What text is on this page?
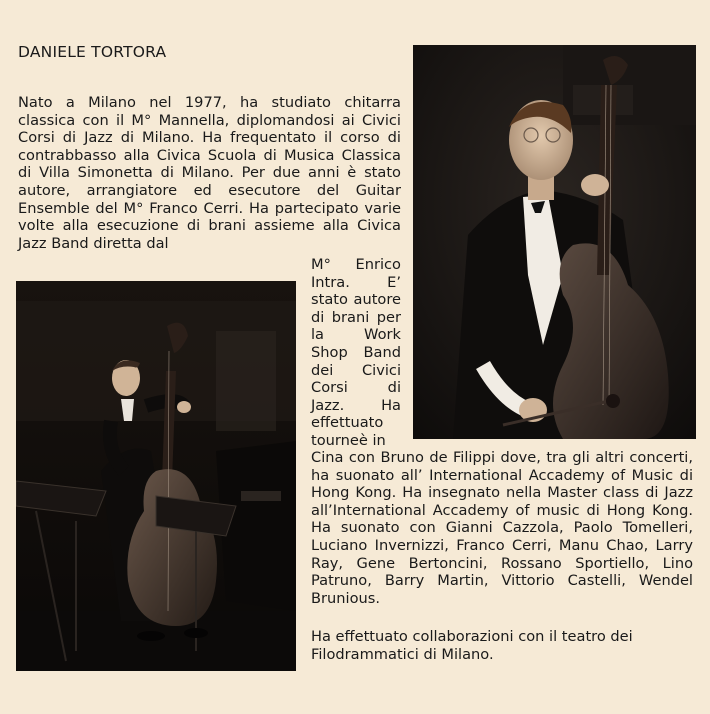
DANIELE TORTORA

Nato a Milano nel 1977, ha studiato chitarra classica con il M° Mannella, diplomandosi ai Civici Corsi di Jazz di Milano. Ha frequentato il corso di contrabbasso alla Civica Scuola di Musica Classica di Villa Simonetta di Milano. Per due anni è stato autore, arrangiatore ed esecutore del Guitar Ensemble del M° Franco Cerri. Ha partecipato varie volte alla esecuzione di brani assieme alla Civica Jazz Band diretta dal

M° Enrico Intra. E’ stato autore di brani per la Work Shop Band dei Civici Corsi di Jazz. Ha effettuato tourneè in

Cina con Bruno de Filippi dove, tra gli altri concerti, ha suonato all’ International Accademy of Music di Hong Kong. Ha insegnato nella Master class di Jazz all’International Accademy of music di Hong Kong. Ha suonato con Gianni Cazzola, Paolo Tomelleri, Luciano Invernizzi, Franco Cerri, Manu Chao, Larry Ray, Gene Bertoncini, Rossano Sportiello, Lino Patruno, Barry Martin, Vittorio Castelli, Wendel Brunious.

Ha effettuato collaborazioni con il teatro dei Filodrammatici di Milano.
